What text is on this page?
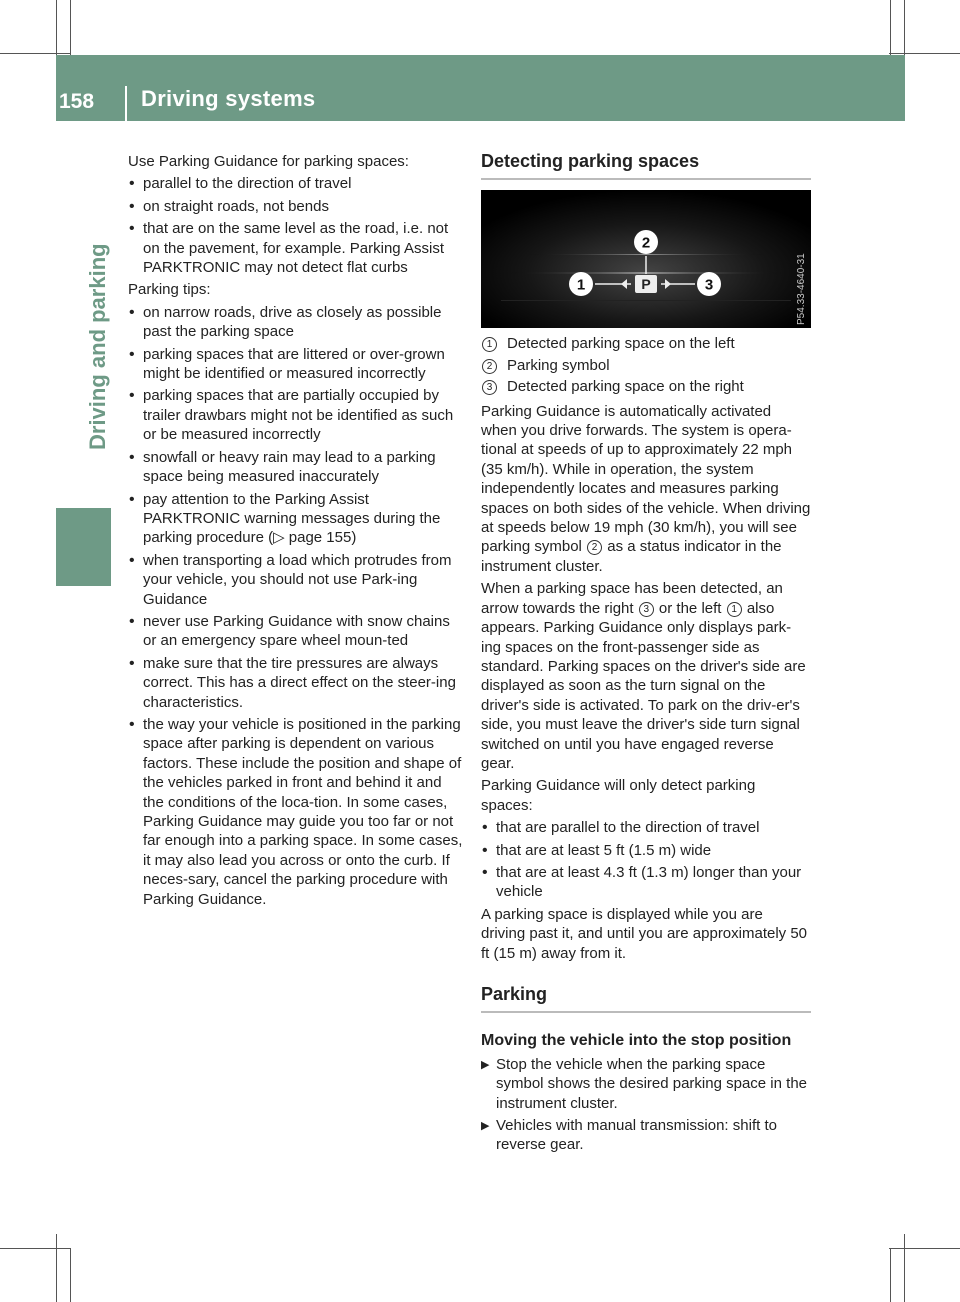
158 Driving systems
Driving and parking

Use Parking Guidance for parking spaces:

• parallel to the direction of travel
• on straight roads, not bends
• that are on the same level as the road, i.e. not on the pavement, for example. Parking Assist PARKTRONIC may not detect flat curbs

Parking tips:

• on narrow roads, drive as closely as possible past the parking space
• parking spaces that are littered or over-grown might be identified or measured incorrectly
• parking spaces that are partially occupied by trailer drawbars might not be identified as such or be measured incorrectly
• snowfall or heavy rain may lead to a parking space being measured inaccurately
• pay attention to the Parking Assist PARKTRONIC warning messages during the parking procedure (▷ page 155)
• when transporting a load which protrudes from your vehicle, you should not use Park-ing Guidance
• never use Parking Guidance with snow chains or an emergency spare wheel moun-ted
• make sure that the tire pressures are always correct. This has a direct effect on the steer-ing characteristics.
• the way your vehicle is positioned in the parking space after parking is dependent on various factors. These include the position and shape of the vehicles parked in front and behind it and the conditions of the loca-tion. In some cases, Parking Guidance may guide you too far or not far enough into a parking space. In some cases, it may also lead you across or onto the curb. If neces-sary, cancel the parking procedure with Parking Guidance.
Detecting parking spaces
P
1
2
3	P54.33-4640-31
1 Detected parking space on the left
2 Parking symbol
3 Detected parking space on the right

Parking Guidance is automatically activated when you drive forwards. The system is opera-tional at speeds of up to approximately 22 mph (35 km/h). While in operation, the system independently locates and measures parking spaces on both sides of the vehicle. When driving at speeds below 19 mph (30 km/h), you will see parking symbol 2 as a status indicator in the instrument cluster.

When a parking space has been detected, an arrow towards the right 3 or the left 1 also appears. Parking Guidance only displays park-ing spaces on the front-passenger side as standard. Parking spaces on the driver's side are displayed as soon as the turn signal on the driver's side is activated. To park on the driv-er's side, you must leave the driver's side turn signal switched on until you have engaged reverse gear.

Parking Guidance will only detect parking spaces:

• that are parallel to the direction of travel
• that are at least 5 ft (1.5 m) wide
• that are at least 4.3 ft (1.3 m) longer than your vehicle

A parking space is displayed while you are driving past it, and until you are approximately 50 ft (15 m) away from it.

Parking
Moving the vehicle into the stop position
▶ Stop the vehicle when the parking space symbol shows the desired parking space in the instrument cluster.
▶ Vehicles with manual transmission: shift to reverse gear.
